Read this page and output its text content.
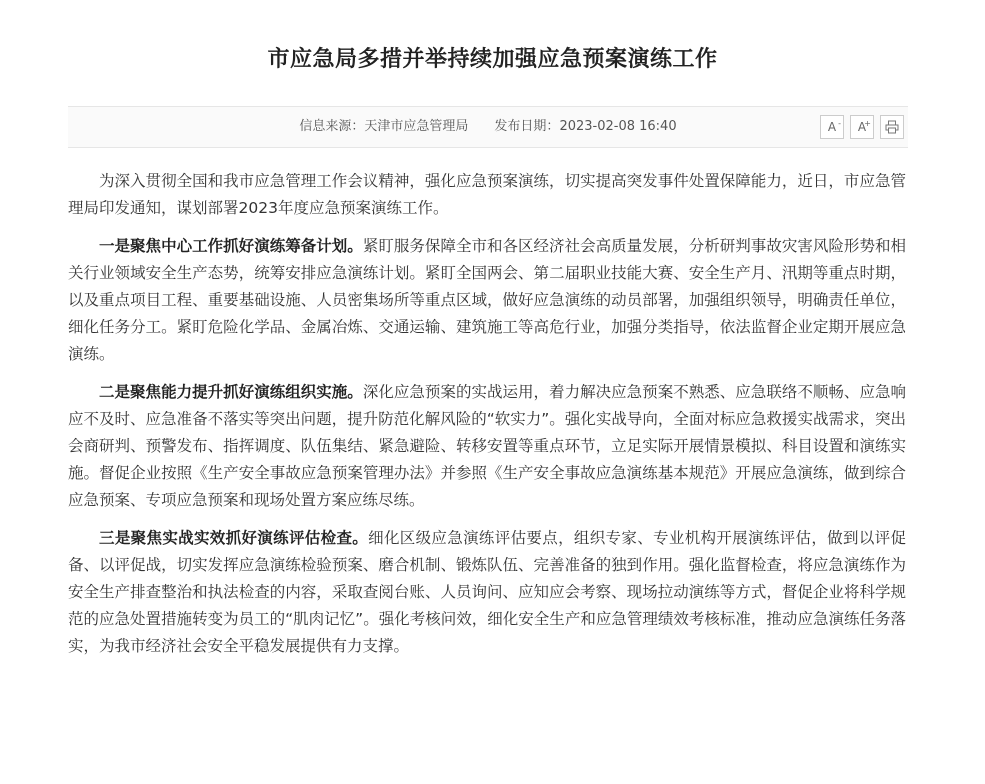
市应急局多措并举持续加强应急预案演练工作
信息来源：天津市应急管理局 发布日期：2023-02-08 16:40	A - A
+

为深入贯彻全国和我市应急管理工作会议精神，强化应急预案演练，切实提高突发事件处置保障能力，近日，市应急管理局印发通知，谋划部署2023年度应急预案演练工作。

一是聚焦中心工作抓好演练筹备计划。紧盯服务保障全市和各区经济社会高质量发展，分析研判事故灾害风险形势和相关行业领域安全生产态势，统筹安排应急演练计划。紧盯全国两会、第二届职业技能大赛、安全生产月、汛期等重点时期，以及重点项目工程、重要基础设施、人员密集场所等重点区域，做好应急演练的动员部署，加强组织领导，明确责任单位，细化任务分工。紧盯危险化学品、金属冶炼、交通运输、建筑施工等高危行业，加强分类指导，依法监督企业定期开展应急演练。

二是聚焦能力提升抓好演练组织实施。深化应急预案的实战运用，着力解决应急预案不熟悉、应急联络不顺畅、应急响应不及时、应急准备不落实等突出问题，提升防范化解风险的“软实力”。强化实战导向，全面对标应急救援实战需求，突出会商研判、预警发布、指挥调度、队伍集结、紧急避险、转移安置等重点环节，立足实际开展情景模拟、科目设置和演练实施。督促企业按照《生产安全事故应急预案管理办法》并参照《生产安全事故应急演练基本规范》开展应急演练，做到综合应急预案、专项应急预案和现场处置方案应练尽练。

三是聚焦实战实效抓好演练评估检查。细化区级应急演练评估要点，组织专家、专业机构开展演练评估，做到以评促备、以评促战，切实发挥应急演练检验预案、磨合机制、锻炼队伍、完善准备的独到作用。强化监督检查，将应急演练作为安全生产排查整治和执法检查的内容，采取查阅台账、人员询问、应知应会考察、现场拉动演练等方式，督促企业将科学规范的应急处置措施转变为员工的“肌肉记忆”。强化考核问效，细化安全生产和应急管理绩效考核标准，推动应急演练任务落实，为我市经济社会安全平稳发展提供有力支撑。
